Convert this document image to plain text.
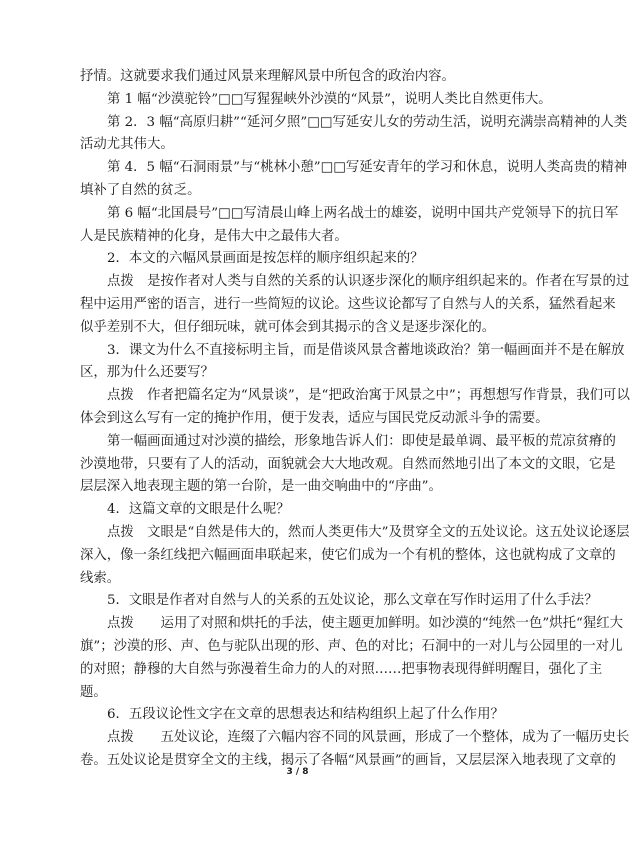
抒情。这就要求我们通过风景来理解风景中所包含的政治内容。
第 1 幅“沙漠驼铃”□□写猩猩峡外沙漠的“风景”，说明人类比自然更伟大。
第 2．3 幅“高原归耕”“延河夕照”□□写延安儿女的劳动生活，说明充满崇高精神的人类
活动尤其伟大。
第 4．5 幅“石洞雨景”与“桃林小憩”□□写延安青年的学习和休息，说明人类高贵的精神
填补了自然的贫乏。
第 6 幅“北国晨号”□□写清晨山峰上两名战士的雄姿，说明中国共产党领导下的抗日军
人是民族精神的化身，是伟大中之最伟大者。
2．本文的六幅风景画面是按怎样的顺序组织起来的？
点拨　是按作者对人类与自然的关系的认识逐步深化的顺序组织起来的。作者在写景的过
程中运用严密的语言，进行一些简短的议论。这些议论都写了自然与人的关系，猛然看起来
似乎差别不大，但仔细玩味，就可体会到其揭示的含义是逐步深化的。
3．课文为什么不直接标明主旨，而是借谈风景含蓄地谈政治？第一幅画面并不是在解放
区，那为什么还要写？
点拨　作者把篇名定为“风景谈”，是“把政治寓于风景之中”；再想想写作背景，我们可以
体会到这么写有一定的掩护作用，便于发表，适应与国民党反动派斗争的需要。
第一幅画面通过对沙漠的描绘，形象地告诉人们：即使是最单调、最平板的荒凉贫瘠的
沙漠地带，只要有了人的活动，面貌就会大大地改观。自然而然地引出了本文的文眼，它是
层层深入地表现主题的第一台阶，是一曲交响曲中的“序曲”。
4．这篇文章的文眼是什么呢？
点拨　文眼是“自然是伟大的，然而人类更伟大”及贯穿全文的五处议论。这五处议论逐层
深入，像一条红线把六幅画面串联起来，使它们成为一个有机的整体，这也就构成了文章的
线索。
5．文眼是作者对自然与人的关系的五处议论，那么文章在写作时运用了什么手法？
点拨　　运用了对照和烘托的手法，使主题更加鲜明。如沙漠的“纯然一色”烘托“猩红大
旗”；沙漠的形、声、色与驼队出现的形、声、色的对比；石洞中的一对儿与公园里的一对儿
的对照；静穆的大自然与弥漫着生命力的人的对照……把事物表现得鲜明醒目，强化了主
题。
6．五段议论性文字在文章的思想表达和结构组织上起了什么作用？
点拨　　五处议论，连缀了六幅内容不同的风景画，形成了一个整体，成为了一幅历史长
卷。五处议论是贯穿全文的主线，揭示了各幅“风景画”的画旨，又层层深入地表现了文章的
3 / 8
